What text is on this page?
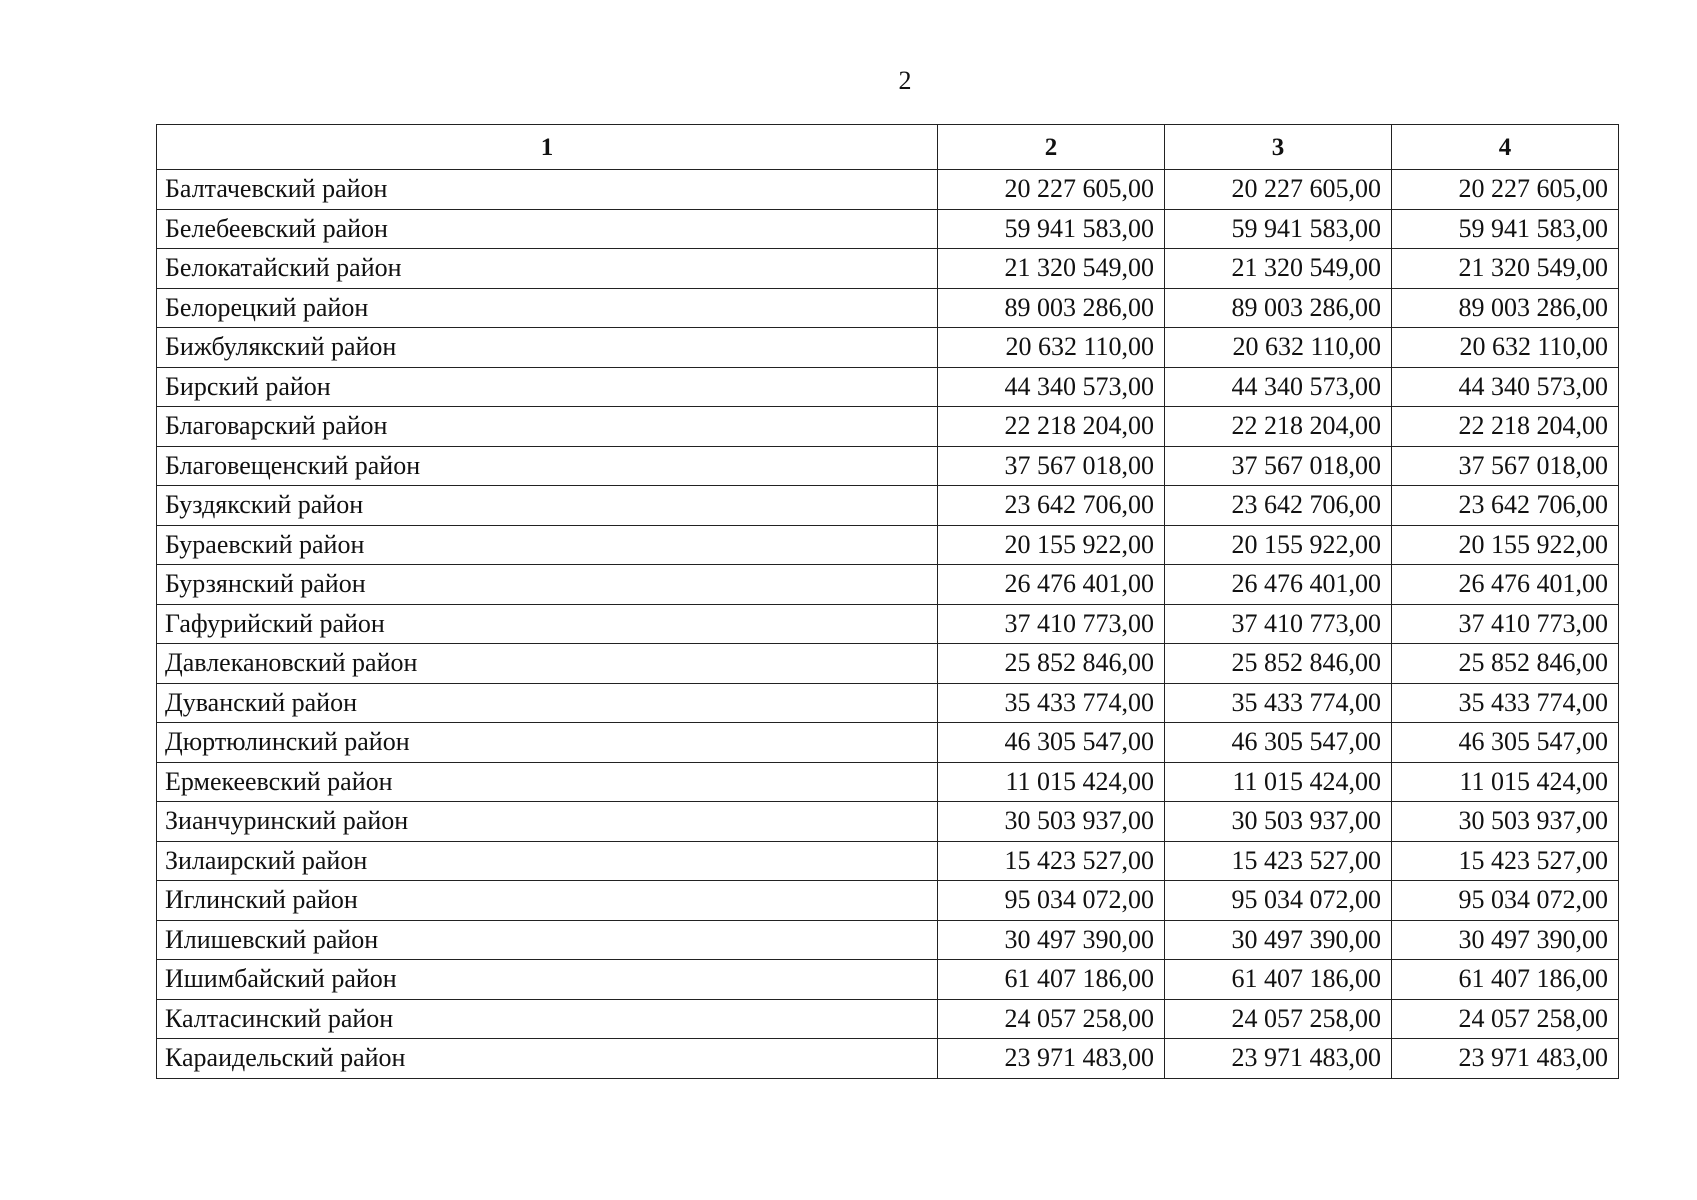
2
1	2	3	4
Балтачевский район	20 227 605,00	20 227 605,00	20 227 605,00
Белебеевский район	59 941 583,00	59 941 583,00	59 941 583,00
Белокатайский район	21 320 549,00	21 320 549,00	21 320 549,00
Белорецкий район	89 003 286,00	89 003 286,00	89 003 286,00
Бижбулякский район	20 632 110,00	20 632 110,00	20 632 110,00
Бирский район	44 340 573,00	44 340 573,00	44 340 573,00
Благоварский район	22 218 204,00	22 218 204,00	22 218 204,00
Благовещенский район	37 567 018,00	37 567 018,00	37 567 018,00
Буздякский район	23 642 706,00	23 642 706,00	23 642 706,00
Бураевский район	20 155 922,00	20 155 922,00	20 155 922,00
Бурзянский район	26 476 401,00	26 476 401,00	26 476 401,00
Гафурийский район	37 410 773,00	37 410 773,00	37 410 773,00
Давлекановский район	25 852 846,00	25 852 846,00	25 852 846,00
Дуванский район	35 433 774,00	35 433 774,00	35 433 774,00
Дюртюлинский район	46 305 547,00	46 305 547,00	46 305 547,00
Ермекеевский район	11 015 424,00	11 015 424,00	11 015 424,00
Зианчуринский район	30 503 937,00	30 503 937,00	30 503 937,00
Зилаирский район	15 423 527,00	15 423 527,00	15 423 527,00
Иглинский район	95 034 072,00	95 034 072,00	95 034 072,00
Илишевский район	30 497 390,00	30 497 390,00	30 497 390,00
Ишимбайский район	61 407 186,00	61 407 186,00	61 407 186,00
Калтасинский район	24 057 258,00	24 057 258,00	24 057 258,00
Караидельский район	23 971 483,00	23 971 483,00	23 971 483,00
